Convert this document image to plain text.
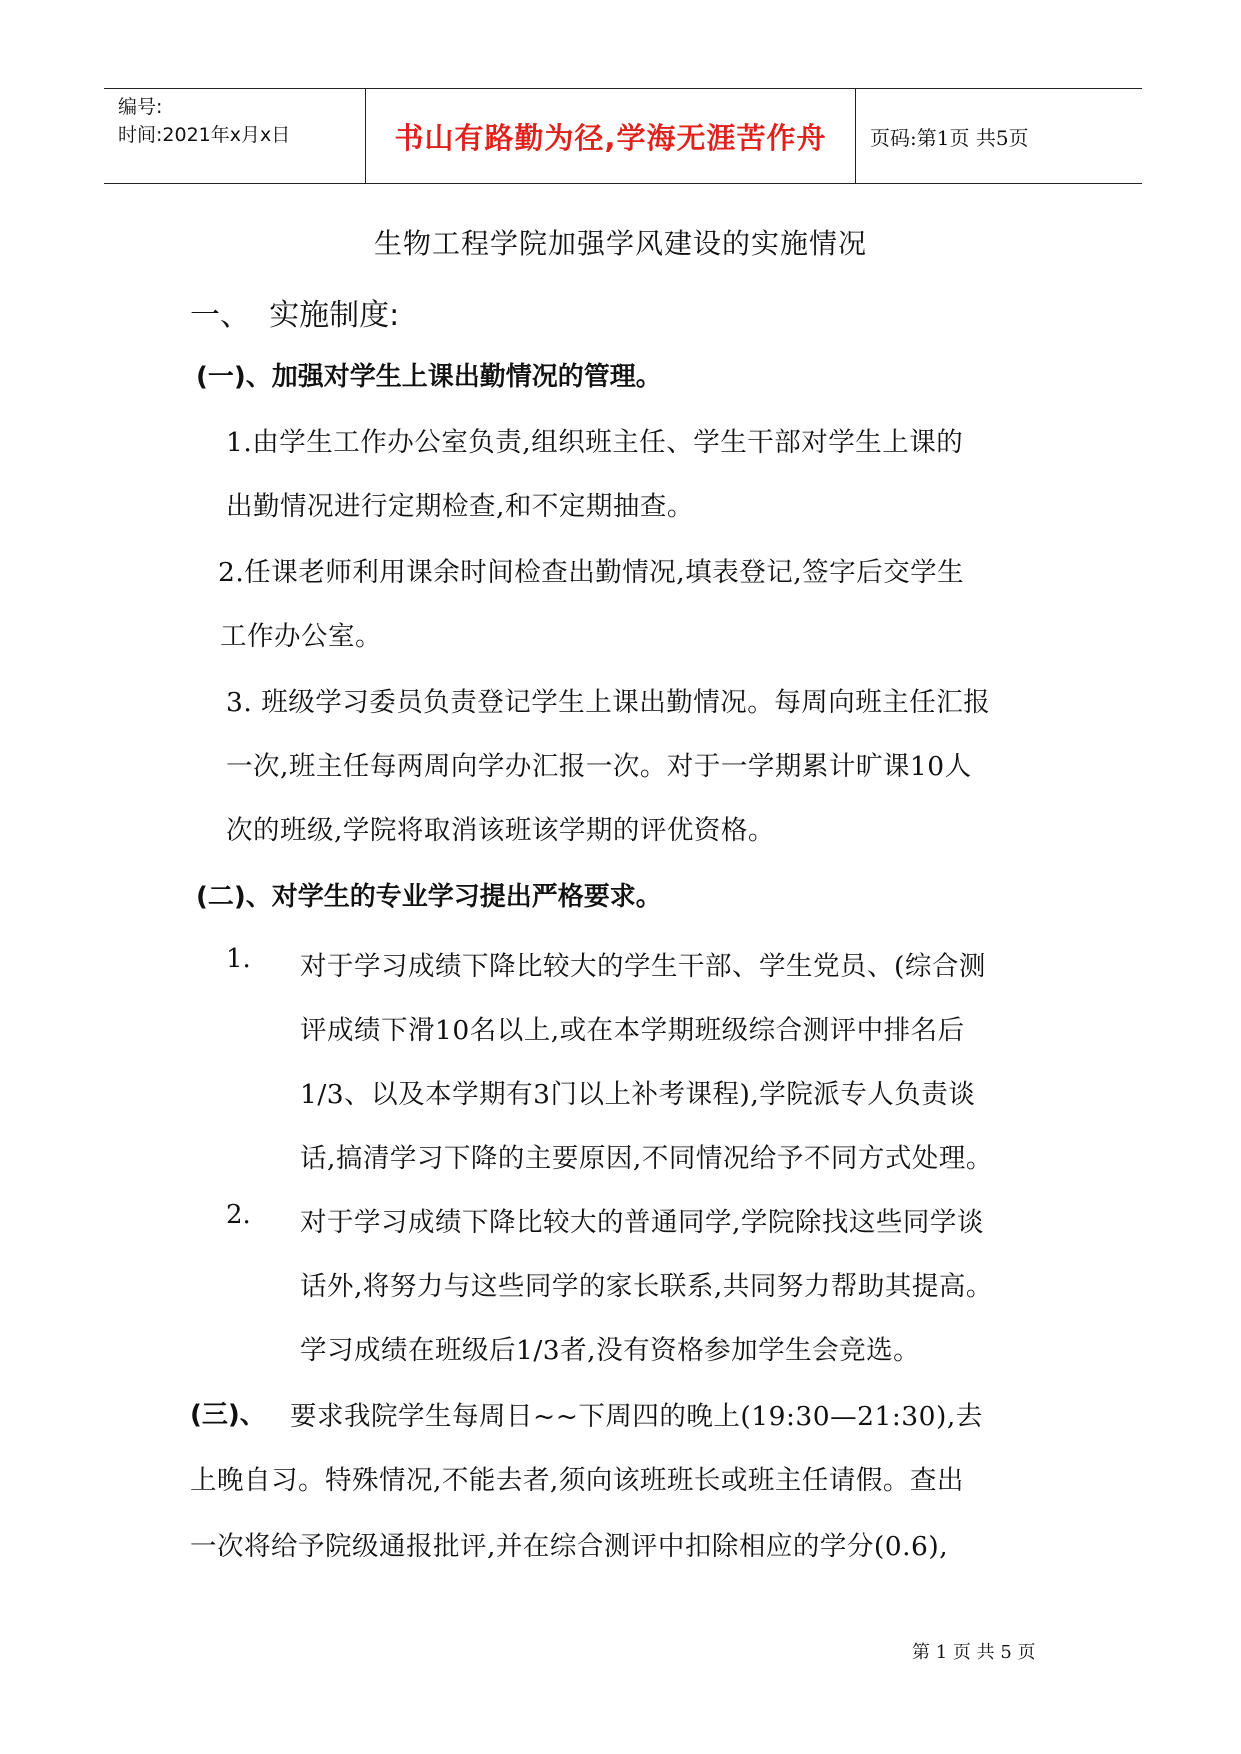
编号:
时间:2021年x月x日	书山有路勤为径,学海无涯苦作舟 页码:第1页 共5页
生物工程学院加强学风建设的实施情况
一、  实施制度:
(一)、加强对学生上课出勤情况的管理。
1.由学生工作办公室负责,组织班主任、学生干部对学生上课的
出勤情况进行定期检查,和不定期抽查。
2.任课老师利用课余时间检查出勤情况,填表登记,签字后交学生
工作办公室。
3. 班级学习委员负责登记学生上课出勤情况。每周向班主任汇报
一次,班主任每两周向学办汇报一次。对于一学期累计旷课10人
次的班级,学院将取消该班该学期的评优资格。
(二)、对学生的专业学习提出严格要求。
1. 对于学习成绩下降比较大的学生干部、学生党员、(综合测
评成绩下滑10名以上,或在本学期班级综合测评中排名后
1/3、以及本学期有3门以上补考课程),学院派专人负责谈
话,搞清学习下降的主要原因,不同情况给予不同方式处理。
2. 对于学习成绩下降比较大的普通同学,学院除找这些同学谈
话外,将努力与这些同学的家长联系,共同努力帮助其提高。
学习成绩在班级后1/3者,没有资格参加学生会竞选。
(三)、 要求我院学生每周日~~下周四的晚上(19:30—21:30),去
上晚自习。特殊情况,不能去者,须向该班班长或班主任请假。查出
一次将给予院级通报批评,并在综合测评中扣除相应的学分(0.6),
第 1 页 共 5 页
